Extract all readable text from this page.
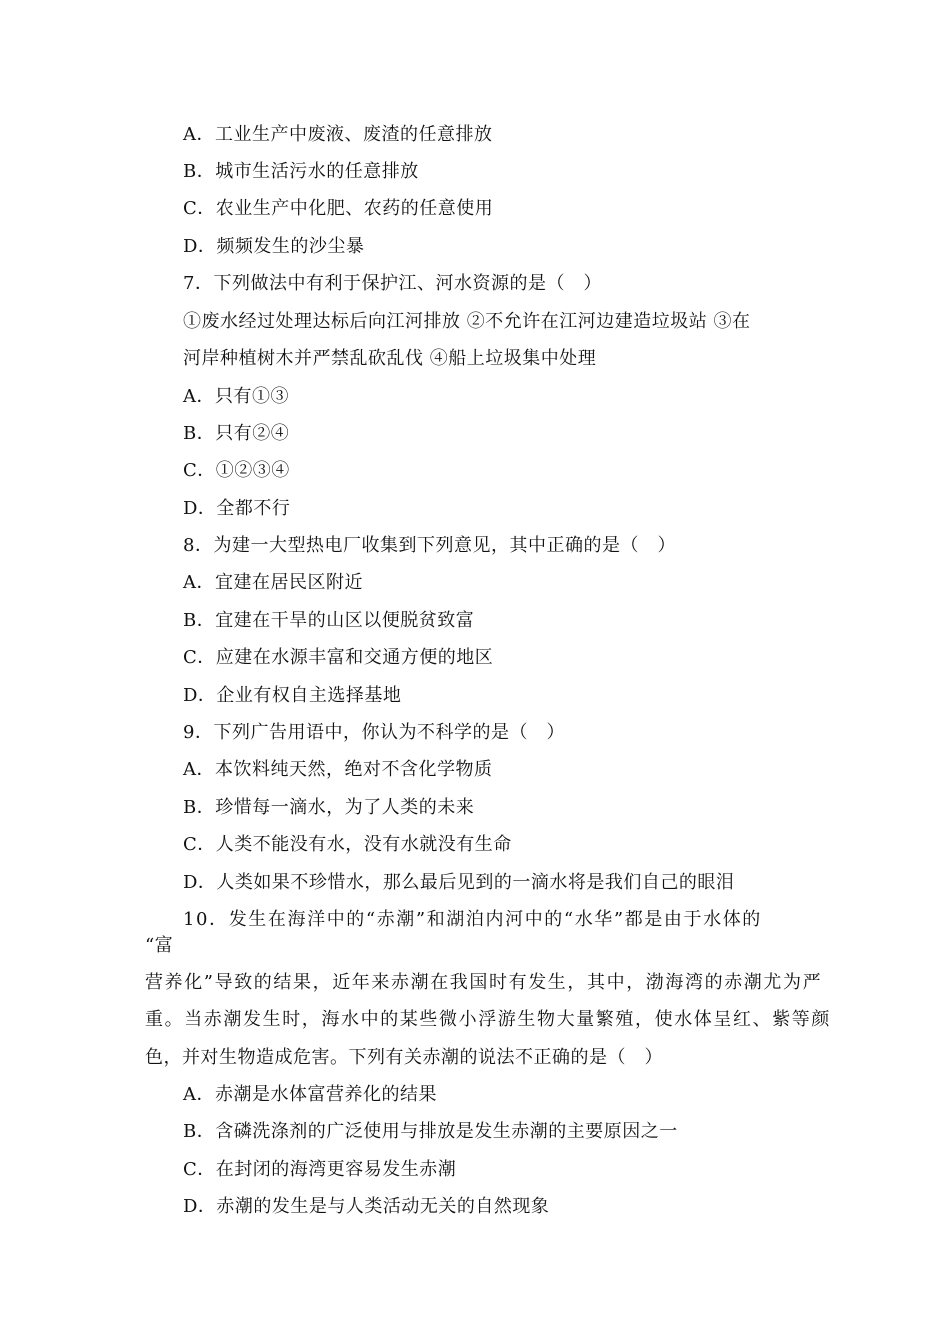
A．工业生产中废液、废渣的任意排放
B．城市生活污水的任意排放
C．农业生产中化肥、农药的任意使用
D．频频发生的沙尘暴
7．下列做法中有利于保护江、河水资源的是（　）
①废水经过处理达标后向江河排放 ②不允许在江河边建造垃圾站 ③在
河岸种植树木并严禁乱砍乱伐 ④船上垃圾集中处理
A．只有①③
B．只有②④
C．①②③④
D．全都不行
8．为建一大型热电厂收集到下列意见，其中正确的是（　）
A．宜建在居民区附近
B．宜建在干旱的山区以便脱贫致富
C．应建在水源丰富和交通方便的地区
D．企业有权自主选择基地
9．下列广告用语中，你认为不科学的是（　）
A．本饮料纯天然，绝对不含化学物质
B．珍惜每一滴水，为了人类的未来
C．人类不能没有水，没有水就没有生命
D．人类如果不珍惜水，那么最后见到的一滴水将是我们自己的眼泪
10．发生在海洋中的“赤潮”和湖泊内河中的“水华”都是由于水体的
“富
营养化”导致的结果，近年来赤潮在我国时有发生，其中，渤海湾的赤潮尤为严
重。当赤潮发生时，海水中的某些微小浮游生物大量繁殖，使水体呈红、紫等颜
色，并对生物造成危害。下列有关赤潮的说法不正确的是（　）
A．赤潮是水体富营养化的结果
B．含磷洗涤剂的广泛使用与排放是发生赤潮的主要原因之一
C．在封闭的海湾更容易发生赤潮
D．赤潮的发生是与人类活动无关的自然现象
